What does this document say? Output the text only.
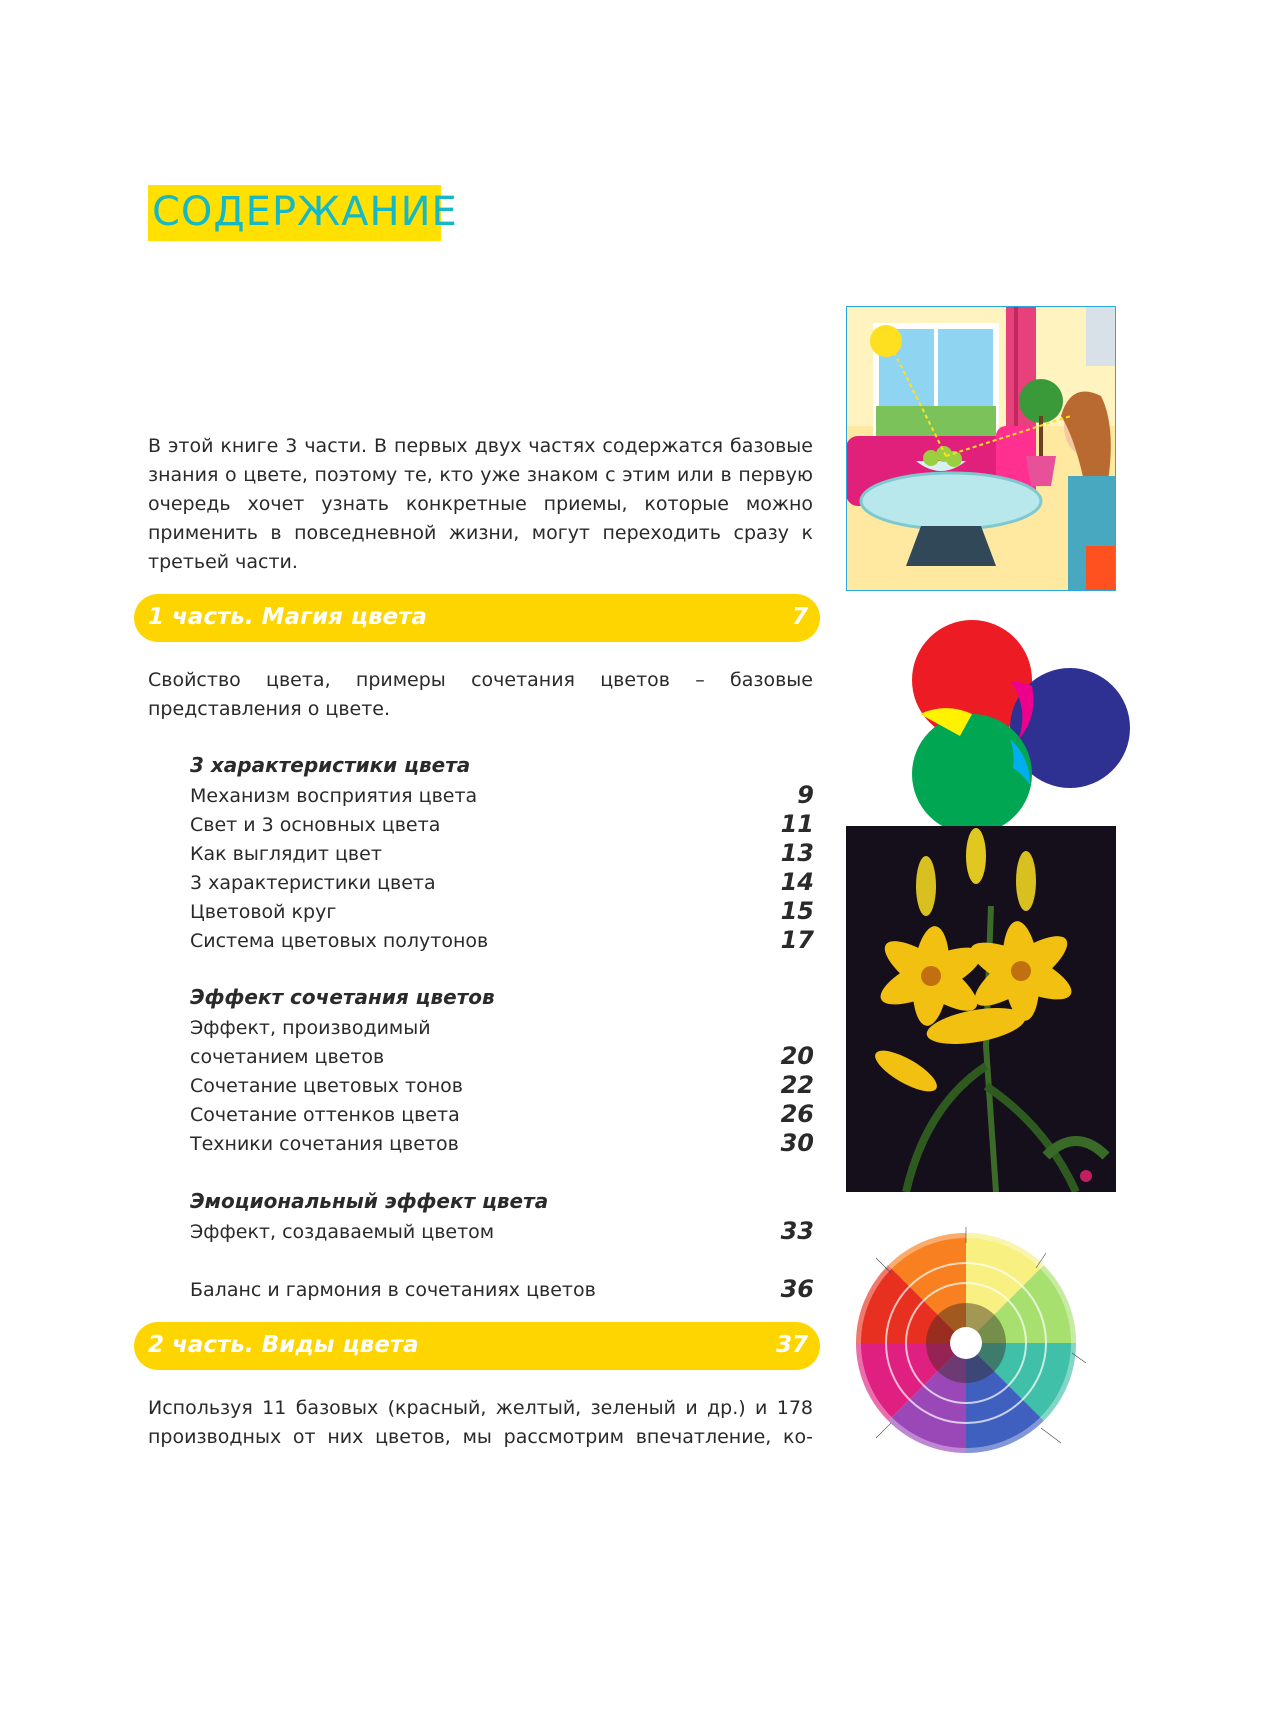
СОДЕРЖАНИЕ
В этой книге 3 части. В первых двух частях содержатся базовые знания о цвете, поэтому те, кто уже знаком с этим или в первую очередь хочет узнать конкретные приемы, которые можно применить в повседневной жизни, могут переходить сразу к третьей части.
1 часть. Магия цвета	7
Свойство цвета, примеры сочетания цветов – базовые представления о цвете.
3 характеристики цвета
Механизм восприятия цвета	9
Свет и 3 основных цвета	11
Как выглядит цвет	13
3 характеристики цвета	14
Цветовой круг	15
Система цветовых полутонов	17
Эффект сочетания цветов
Эффект, производимый
сочетанием цветов	20
Сочетание цветовых тонов	22
Сочетание оттенков цвета	26
Техники сочетания цветов	30
Эмоциональный эффект цвета
Эффект, создаваемый цветом	33
Баланс и гармония в сочетаниях цветов	36
2 часть. Виды цвета	37
Используя 11 базовых (красный, желтый, зеленый и др.) и 178 производных от них цветов, мы рассмотрим впечатление, ко-
